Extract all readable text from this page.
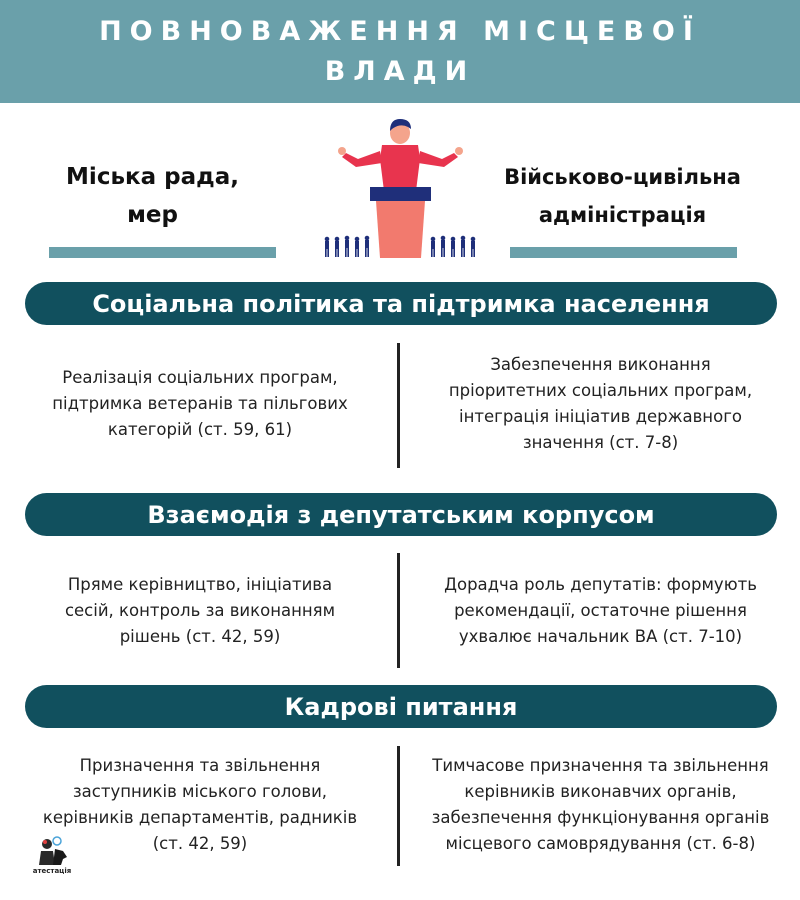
ПОВНОВАЖЕННЯ МІСЦЕВОЇ
ВЛАДИ
Міська рада,
мер
Військово-цивільна
адміністрація
Соціальна політика та підтримка населення
Реалізація соціальних програм,
підтримка ветеранів та пільгових
категорій (ст. 59, 61)
Забезпечення виконання
пріоритетних соціальних програм,
інтеграція ініціатив державного
значення (ст. 7-8)
Взаємодія з депутатським корпусом
Пряме керівництво, ініціатива
сесій, контроль за виконанням
рішень (ст. 42, 59)
Дорадча роль депутатів: формують
рекомендації, остаточне рішення
ухвалює начальник ВА (ст. 7-10)
Кадрові питання
Призначення та звільнення
заступників міського голови,
керівників департаментів, радників
(ст. 42, 59)
Тимчасове призначення та звільнення
керівників виконавчих органів,
забезпечення функціонування органів
місцевого самоврядування (ст. 6-8)
атестація
